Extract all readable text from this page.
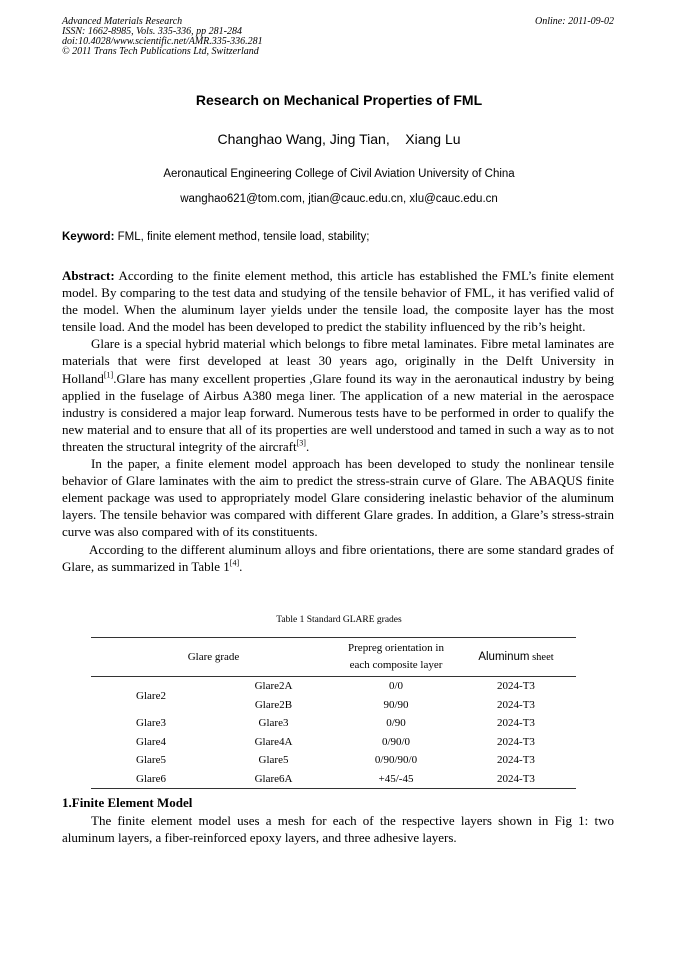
Advanced Materials Research
ISSN: 1662-8985, Vols. 335-336, pp 281-284
doi:10.4028/www.scientific.net/AMR.335-336.281
© 2011 Trans Tech Publications Ltd, Switzerland
Online: 2011-09-02
Research on Mechanical Properties of FML
Changhao Wang, Jing Tian,    Xiang Lu
Aeronautical Engineering College of Civil Aviation University of China
wanghao621@tom.com, jtian@cauc.edu.cn, xlu@cauc.edu.cn
Keyword: FML, finite element method, tensile load, stability;

Abstract: According to the finite element method, this article has established the FML’s finite element model. By comparing to the test data and studying of the tensile behavior of FML, it has verified valid of the model. When the aluminum layer yields under the tensile load, the composite layer has the most tensile load. And the model has been developed to predict the stability influenced by the rib’s height.

Glare is a special hybrid material which belongs to fibre metal laminates. Fibre metal laminates are materials that were first developed at least 30 years ago, originally in the Delft University in Holland[1].Glare has many excellent properties ,Glare found its way in the aeronautical industry by being applied in the fuselage of Airbus A380 mega liner. The application of a new material in the aerospace industry is considered a major leap forward. Numerous tests have to be performed in order to qualify the new material and to ensure that all of its properties are well understood and tamed in such a way as to not threaten the structural integrity of the aircraft[3].

In the paper, a finite element model approach has been developed to study the nonlinear tensile behavior of Glare laminates with the aim to predict the stress-strain curve of Glare. The ABAQUS finite element package was used to appropriately model Glare considering inelastic behavior of the aluminum layers. The tensile behavior was compared with different Glare grades. In addition, a Glare’s stress-strain curve was also compared with of its constituents.

According to the different aluminum alloys and fibre orientations, there are some standard grades of Glare, as summarized in Table 1[4].

Table 1 Standard GLARE grades
Glare grade		Prepreg orientation in
each composite layer	Aluminum sheet
Glare2	Glare2A	0/0	2024-T3
	Glare2B	90/90	2024-T3
Glare3	Glare3	0/90	2024-T3
Glare4	Glare4A	0/90/0	2024-T3
Glare5	Glare5	0/90/90/0	2024-T3
Glare6	Glare6A	+45/-45	2024-T3
1.Finite Element Model

The finite element model uses a mesh for each of the respective layers shown in Fig 1: two aluminum layers, a fiber-reinforced epoxy layers, and three adhesive layers.
